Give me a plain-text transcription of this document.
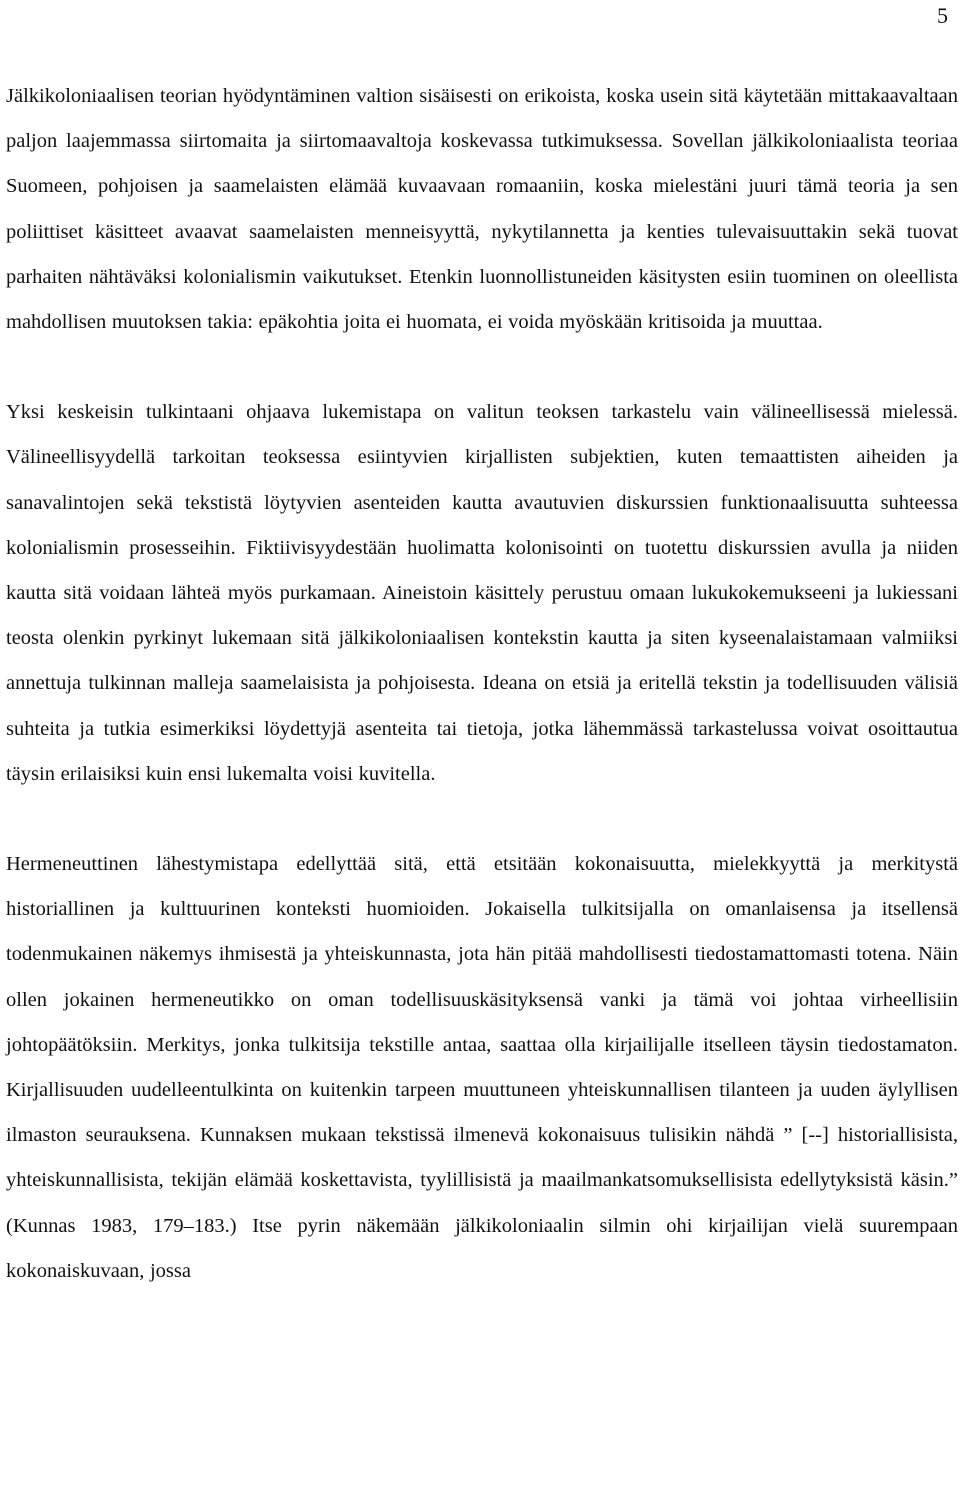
5

Jälkikoloniaalisen teorian hyödyntäminen valtion sisäisesti on erikoista, koska usein sitä käytetään mittakaavaltaan paljon laajemmassa siirtomaita ja siirtomaavaltoja koskevassa tutkimuksessa. Sovellan jälkikoloniaalista teoriaa Suomeen, pohjoisen ja saamelaisten elämää kuvaavaan romaaniin, koska mielestäni juuri tämä teoria ja sen poliittiset käsitteet avaavat saamelaisten menneisyyttä, nykytilannetta ja kenties tulevaisuuttakin sekä tuovat parhaiten nähtäväksi kolonialismin vaikutukset. Etenkin luonnollistuneiden käsitysten esiin tuominen on oleellista mahdollisen muutoksen takia: epäkohtia joita ei huomata, ei voida myöskään kritisoida ja muuttaa.

Yksi keskeisin tulkintaani ohjaava lukemistapa on valitun teoksen tarkastelu vain välineellisessä mielessä. Välineellisyydellä tarkoitan teoksessa esiintyvien kirjallisten subjektien, kuten temaattisten aiheiden ja sanavalintojen sekä tekstistä löytyvien asenteiden kautta avautuvien diskurssien funktionaalisuutta suhteessa kolonialismin prosesseihin. Fiktiivisyydestään huolimatta kolonisointi on tuotettu diskurssien avulla ja niiden kautta sitä voidaan lähteä myös purkamaan. Aineistoin käsittely perustuu omaan lukukokemukseeni ja lukiessani teosta olenkin pyrkinyt lukemaan sitä jälkikoloniaalisen kontekstin kautta ja siten kyseenalaistamaan valmiiksi annettuja tulkinnan malleja saamelaisista ja pohjoisesta. Ideana on etsiä ja eritellä tekstin ja todellisuuden välisiä suhteita ja tutkia esimerkiksi löydettyjä asenteita tai tietoja, jotka lähemmässä tarkastelussa voivat osoittautua täysin erilaisiksi kuin ensi lukemalta voisi kuvitella.

Hermeneuttinen lähestymistapa edellyttää sitä, että etsitään kokonaisuutta, mielekkyyttä ja merkitystä historiallinen ja kulttuurinen konteksti huomioiden. Jokaisella tulkitsijalla on omanlaisensa ja itsellensä todenmukainen näkemys ihmisestä ja yhteiskunnasta, jota hän pitää mahdollisesti tiedostamattomasti totena. Näin ollen jokainen hermeneutikko on oman todellisuuskäsityksensä vanki ja tämä voi johtaa virheellisiin johtopäätöksiin. Merkitys, jonka tulkitsija tekstille antaa, saattaa olla kirjailijalle itselleen täysin tiedostamaton. Kirjallisuuden uudelleentulkinta on kuitenkin tarpeen muuttuneen yhteiskunnallisen tilanteen ja uuden äylyllisen ilmaston seurauksena. Kunnaksen mukaan tekstissä ilmenevä kokonaisuus tulisikin nähdä ” [--] historiallisista, yhteiskunnallisista, tekijän elämää koskettavista, tyylillisistä ja maailmankatsomuksellisista edellytyksistä käsin.” (Kunnas 1983, 179–183.) Itse pyrin näkemään jälkikoloniaalin silmin ohi kirjailijan vielä suurempaan kokonaiskuvaan, jossa
